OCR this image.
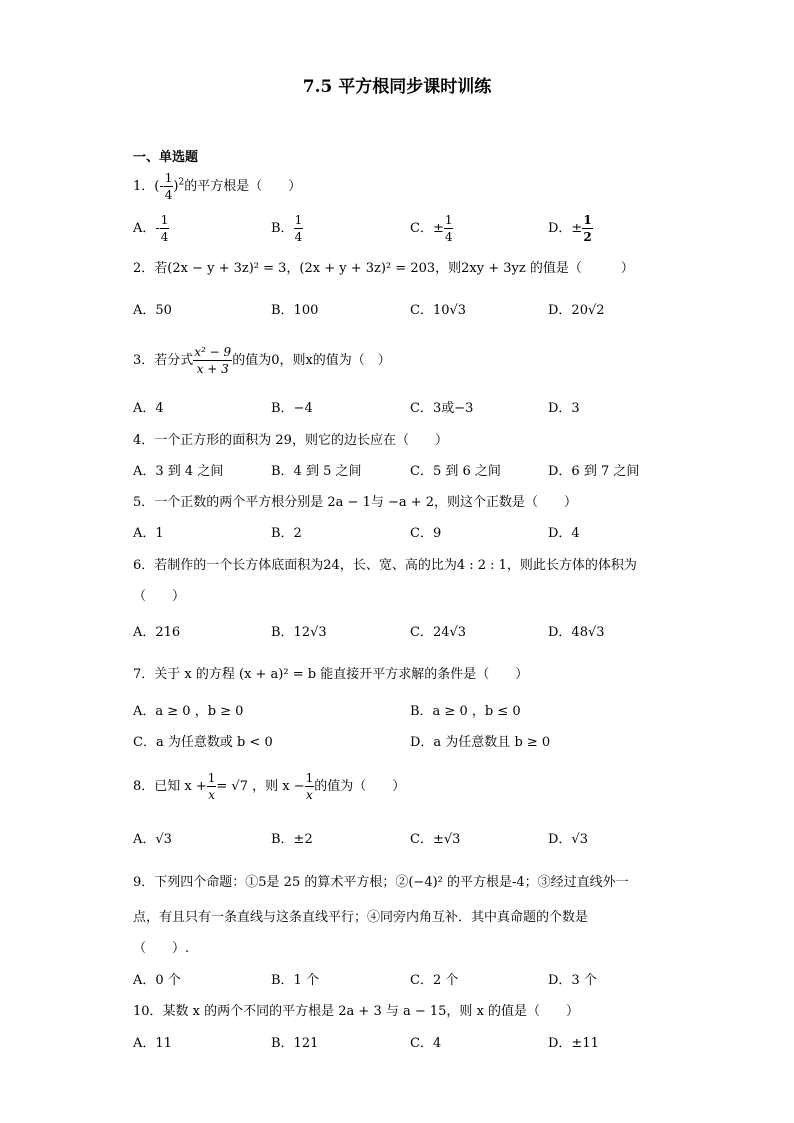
7.5 平方根同步课时训练
一、单选题
1．(- $\frac{1}{4} )^2$的平方根是（　　）
A．- $\frac{1}{4}$	B． $\frac{1}{4}$	C．± $\frac{1}{4}$	D．± $\frac{1}{2}$
2．若(2x − y + 3z)² = 3，(2x + y + 3z)² = 203，则2xy + 3yz 的值是（　　　）
A．50	B．100	C．10√3	D．20√2
3．若分式 $\frac{\text{x² − 9}}{x + 3}$ 的值为0，则x的值为（　）
A．4	B．−4	C．3或−3	D．3
4．一个正方形的面积为 29，则它的边长应在（　　）
A．3 到 4 之间	B．4 到 5 之间	C．5 到 6 之间	D．6 到 7 之间
5．一个正数的两个平方根分别是 2a − 1与 −a + 2，则这个正数是（　　）
A．1	B．2	C．9	D．4
6．若制作的一个长方体底面积为24，长、宽、高的比为4 : 2 : 1，则此长方体的体积为
（　　）
A．216	B．12√3	C．24√3	D．48√3
7．关于 x 的方程 (x + a)² = b 能直接开平方求解的条件是（　　）
A．a ≥ 0 ，b ≥ 0	B．a ≥ 0 ，b ≤ 0
C．a 为任意数或 b < 0	D．a 为任意数且 b ≥ 0
8．已知 $x + \frac{1}{x} = √7$ ，则 $x - \frac{1}{x}$ 的值为（　　）
A．√3	B．±2	C．±√3	D．√3
9．下列四个命题：①5是 25 的算术平方根；②(−4)² 的平方根是-4；③经过直线外一
点，有且只有一条直线与这条直线平行；④同旁内角互补．其中真命题的个数是
（　　）.
A．0 个	B．1 个	C．2 个	D．3 个
10．某数 x 的两个不同的平方根是 2a + 3 与 a − 15，则 x 的值是（　　）
A．11	B．121	C．4	D．±11
